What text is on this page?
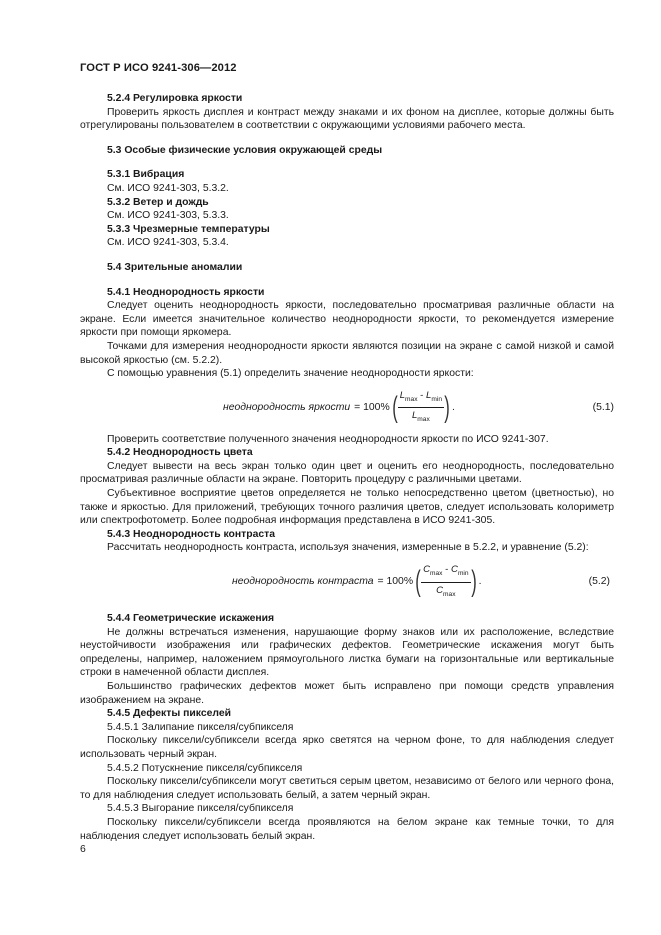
ГОСТ Р ИСО 9241-306—2012

5.2.4 Регулировка яркости

Проверить яркость дисплея и контраст между знаками и их фоном на дисплее, которые должны быть отрегулированы пользователем в соответствии с окружающими условиями рабочего места.

5.3 Особые физические условия окружающей среды

5.3.1 Вибрация

См. ИСО 9241-303, 5.3.2.

5.3.2 Ветер и дождь

См. ИСО 9241-303, 5.3.3.

5.3.3 Чрезмерные температуры

См. ИСО 9241-303, 5.3.4.

5.4 Зрительные аномалии

5.4.1 Неоднородность яркости

Следует оценить неоднородность яркости, последовательно просматривая различные области на экране. Если имеется значительное количество неоднородности яркости, то рекомендуется измерение яркости при помощи яркомера.

Точками для измерения неоднородности яркости являются позиции на экране с самой низкой и самой высокой яркостью (см. 5.2.2).

С помощью уравнения (5.1) определить значение неоднородности яркости:

неоднородность яркости = 100% ( $\frac{L_{max} - L_{min}}{L_{max}}$ ) .	(5.1)

Проверить соответствие полученного значения неоднородности яркости по ИСО 9241-307.

5.4.2 Неоднородность цвета

Следует вывести на весь экран только один цвет и оценить его неоднородность, последовательно просматривая различные области на экране. Повторить процедуру с различными цветами.

Субъективное восприятие цветов определяется не только непосредственно цветом (цветностью), но также и яркостью. Для приложений, требующих точного различия цветов, следует использовать колориметр или спектрофотометр. Более подробная информация представлена в ИСО 9241-305.

5.4.3 Неоднородность контраста

Рассчитать неоднородность контраста, используя значения, измеренные в 5.2.2, и уравнение (5.2):

неоднородность контраста = 100% ( $\frac{C_{max} - C_{min}}{C_{max}}$ ) .	(5.2)

5.4.4 Геометрические искажения

Не должны встречаться изменения, нарушающие форму знаков или их расположение, вследствие неустойчивости изображения или графических дефектов. Геометрические искажения могут быть определены, например, наложением прямоугольного листка бумаги на горизонтальные или вертикальные строки в намеченной области дисплея.

Большинство графических дефектов может быть исправлено при помощи средств управления изображением на экране.

5.4.5 Дефекты пикселей

5.4.5.1 Залипание пикселя/субпикселя

Поскольку пиксели/субпиксели всегда ярко светятся на черном фоне, то для наблюдения следует использовать черный экран.

5.4.5.2 Потускнение пикселя/субпикселя

Поскольку пиксели/субпиксели могут светиться серым цветом, независимо от белого или черного фона, то для наблюдения следует использовать белый, а затем черный экран.

5.4.5.3 Выгорание пикселя/субпикселя

Поскольку пиксели/субпиксели всегда проявляются на белом экране как темные точки, то для наблюдения следует использовать белый экран.

6
